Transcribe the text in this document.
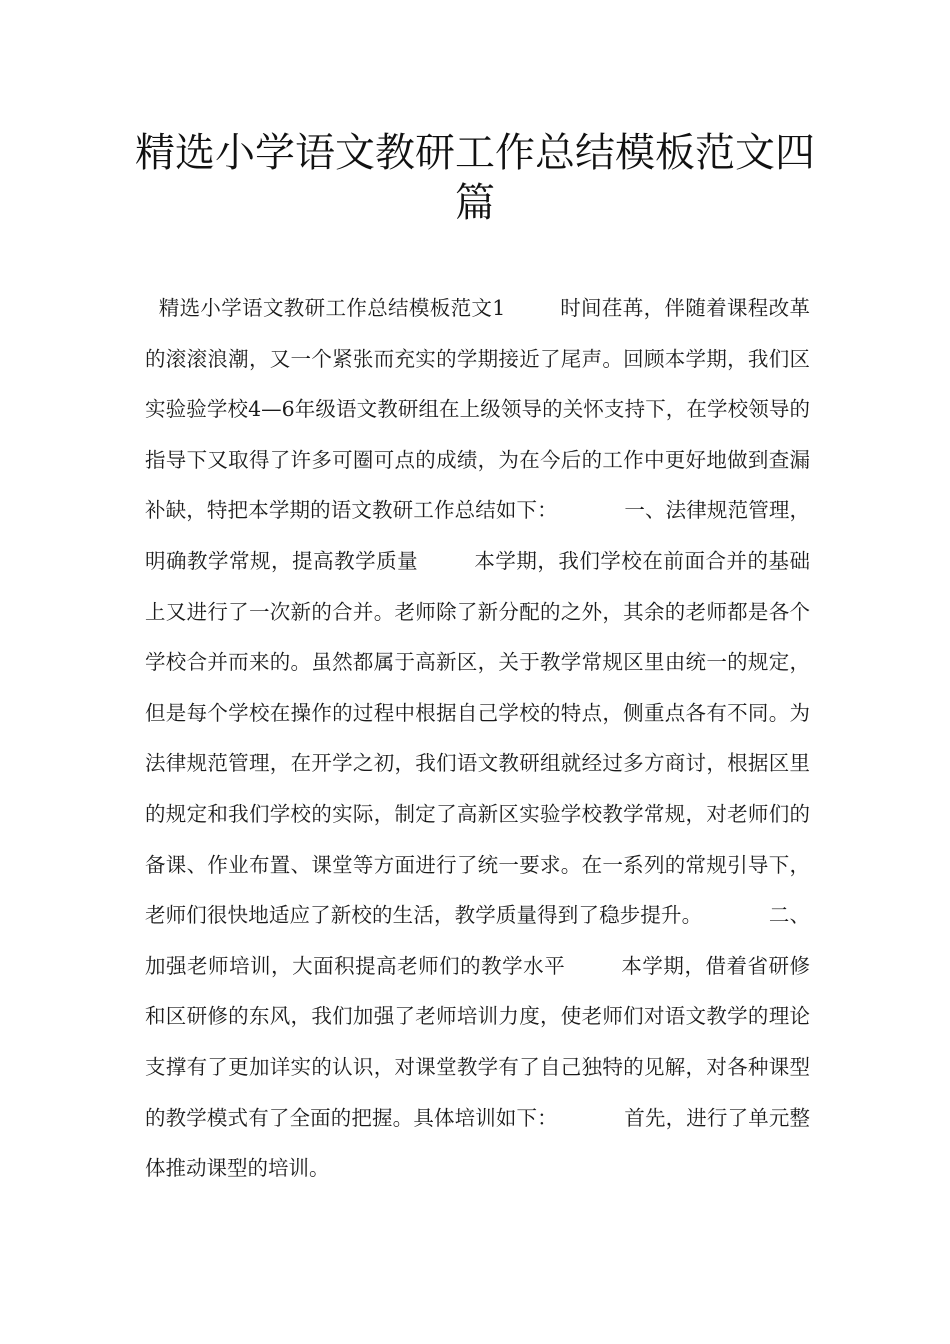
精选小学语文教研工作总结模板范文四篇

精选小学语文教研工作总结模板范文1        时间荏苒，伴随着课程改革的滚滚浪潮，又一个紧张而充实的学期接近了尾声。回顾本学期，我们区实验验学校4—6年级语文教研组在上级领导的关怀支持下，在学校领导的指导下又取得了许多可圈可点的成绩，为在今后的工作中更好地做到查漏补缺，特把本学期的语文教研工作总结如下：          一、法律规范管理，明确教学常规，提高教学质量        本学期，我们学校在前面合并的基础上又进行了一次新的合并。老师除了新分配的之外，其余的老师都是各个学校合并而来的。虽然都属于高新区，关于教学常规区里由统一的规定，但是每个学校在操作的过程中根据自己学校的特点，侧重点各有不同。为法律规范管理，在开学之初，我们语文教研组就经过多方商讨，根据区里的规定和我们学校的实际，制定了高新区实验学校教学常规，对老师们的备课、作业布置、课堂等方面进行了统一要求。在一系列的常规引导下，老师们很快地适应了新校的生活，教学质量得到了稳步提升。          二、加强老师培训，大面积提高老师们的教学水平        本学期，借着省研修和区研修的东风，我们加强了老师培训力度，使老师们对语文教学的理论支撑有了更加详实的认识，对课堂教学有了自己独特的见解，对各种课型的教学模式有了全面的把握。具体培训如下：          首先，进行了单元整体推动课型的培训。
